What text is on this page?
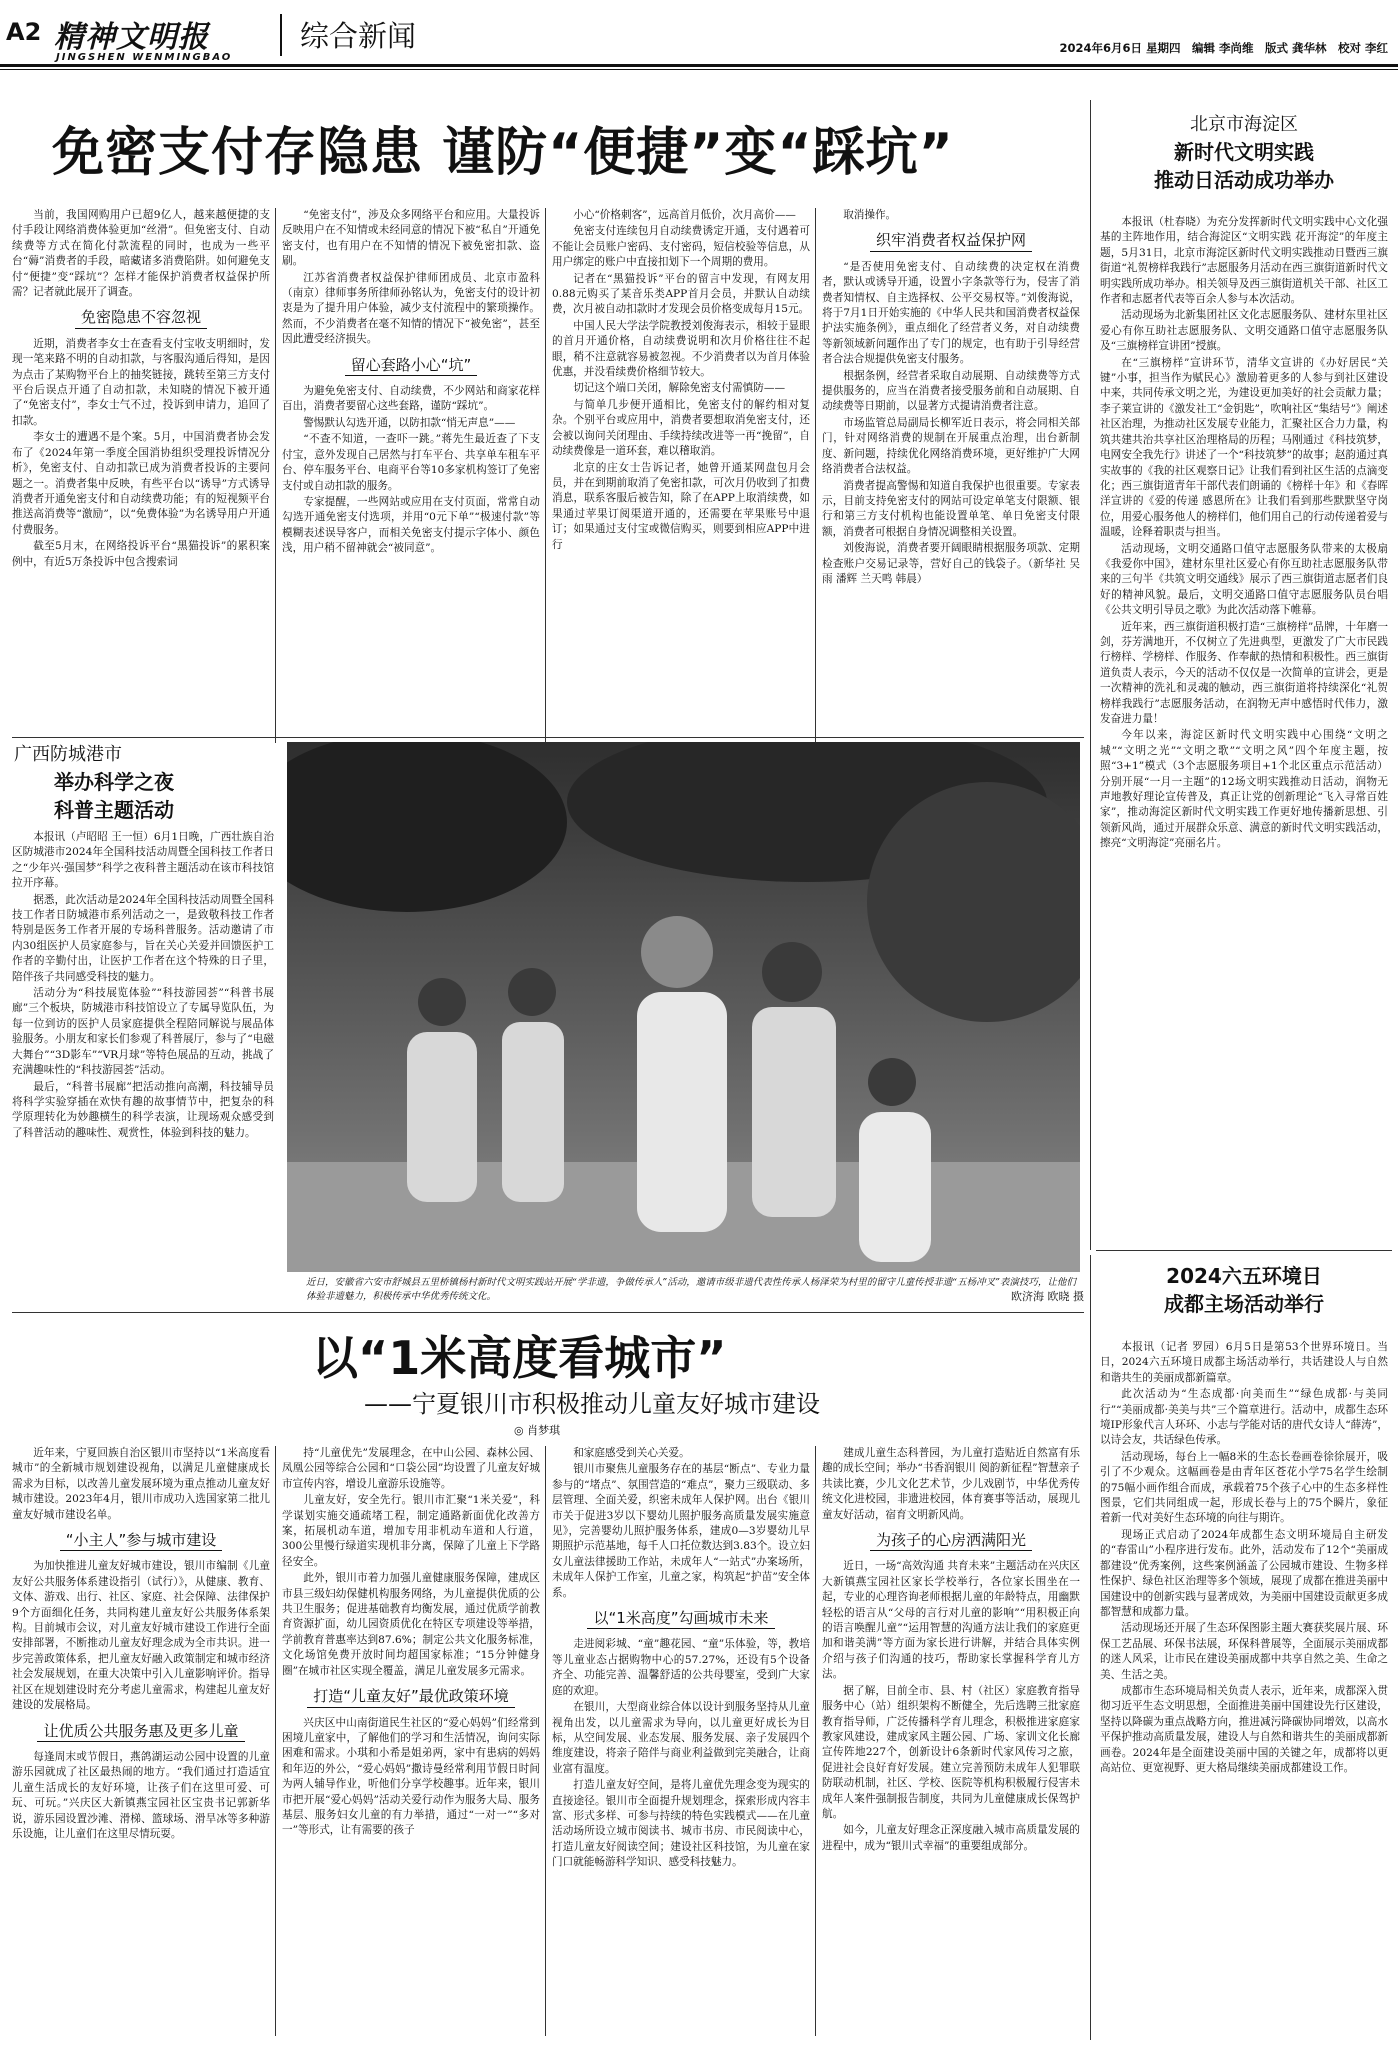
A2 精神文明报
JINGSHEN WENMINGBAO
综合新闻	2024年6月6日 星期四　编辑 李尚维　版式 龚华林　校对 李红
免密支付存隐患 谨防“便捷”变“踩坑”

当前，我国网购用户已超9亿人，越来越便捷的支付手段让网络消费体验更加“丝滑”。但免密支付、自动续费等方式在简化付款流程的同时，也成为一些平台“薅”消费者的手段，暗藏诸多消费陷阱。如何避免支付“便捷”变“踩坑”？怎样才能保护消费者权益保护所需？记者就此展开了调查。

免密隐患不容忽视

近期，消费者李女士在查看支付宝收支明细时，发现一笔来路不明的自动扣款，与客服沟通后得知，是因为点击了某购物平台上的抽奖链接，跳转至第三方支付平台后误点开通了自动扣款，未知晓的情况下被开通了“免密支付”，李女士气不过，投诉到申请力，追回了扣款。

李女士的遭遇不是个案。5月，中国消费者协会发布了《2024年第一季度全国消协组织受理投诉情况分析》，免密支付、自动扣款已成为消费者投诉的主要问题之一。消费者集中反映，有些平台以“诱导”方式诱导消费者开通免密支付和自动续费功能；有的短视频平台推送高消费等“激励”，以“免费体验”为名诱导用户开通付费服务。

截至5月末，在网络投诉平台“黑猫投诉”的累积案例中，有近5万条投诉中包含搜索词

“免密支付”，涉及众多网络平台和应用。大量投诉反映用户在不知情或未经同意的情况下被“私自”开通免密支付，也有用户在不知情的情况下被免密扣款、盗刷。

江苏省消费者权益保护律师团成员、北京市盈科（南京）律师事务所律师孙铭认为，免密支付的设计初衷是为了提升用户体验，减少支付流程中的繁琐操作。然而，不少消费者在毫不知情的情况下“被免密”，甚至因此遭受经济损失。

留心套路小心“坑”

为避免免密支付、自动续费，不少网站和商家花样百出，消费者要留心这些套路，谨防“踩坑”。

警惕默认勾选开通，以防扣款“悄无声息”——

“不查不知道，一查吓一跳。”蒋先生最近查了下支付宝，意外发现自己居然与打车平台、共享单车租车平台、停车服务平台、电商平台等10多家机构签订了免密支付或自动扣款的服务。

专家提醒，一些网站或应用在支付页面，常常自动勾选开通免密支付选项，并用“0元下单”“极速付款”等模糊表述误导客户，而相关免密支付提示字体小、颜色浅，用户稍不留神就会“被同意”。

小心“价格刺客”，远高首月低价，次月高价——

免密支付连续包月自动续费诱定开通，支付遇着可不能让会员账户密码、支付密码，短信校验等信息，从用户绑定的账户中直接扣划下一个周期的费用。

记者在“黑猫投诉”平台的留言中发现，有网友用0.88元购买了某音乐类APP首月会员，并默认自动续费，次月被自动扣款时才发现会员价格变成每月15元。

中国人民大学法学院教授刘俊海表示，相较于显眼的首月开通价格，自动续费说明和次月价格往往不起眼，稍不注意就容易被忽视。不少消费者以为首月体验优惠，并没看续费价格细节较大。

切记这个端口关闭，解除免密支付需慎防——

与简单几步便开通相比，免密支付的解约相对复杂。个别平台或应用中，消费者要想取消免密支付，还会被以询问关闭理由、手续持续改进等一再“挽留”，自动续费像是一道环套，难以稽取消。

北京的庄女士告诉记者，她曾开通某网盘包月会员，并在到期前取消了免密扣款，可次月仍收到了扣费消息，联系客服后被告知，除了在APP上取消续费，如果通过苹果订阅渠道开通的，还需要在苹果账号中退订；如果通过支付宝或微信购买，则要到相应APP中进行

取消操作。

织牢消费者权益保护网

“是否使用免密支付、自动续费的决定权在消费者，默认或诱导开通，设置小字条款等行为，侵害了消费者知情权、自主选择权、公平交易权等。”刘俊海说，将于7月1日开始实施的《中华人民共和国消费者权益保护法实施条例》，重点细化了经营者义务，对自动续费等新领域新问题作出了专门的规定，也有助于引导经营者合法合规提供免密支付服务。

根据条例，经营者采取自动展期、自动续费等方式提供服务的，应当在消费者接受服务前和自动展期、自动续费等日期前，以显著方式提请消费者注意。

市场监管总局副局长柳军近日表示，将会同相关部门，针对网络消费的规制在开展重点治理，出台新制度、新问题，持续优化网络消费环境，更好维护广大网络消费者合法权益。

消费者提高警惕和知道自我保护也很重要。专家表示，目前支持免密支付的网站可设定单笔支付限额、银行和第三方支付机构也能设置单笔、单日免密支付限额，消费者可根据自身情况调整相关设置。

刘俊海说，消费者要开阔眼睛根据服务项款、定期检查账户交易记录等，营好自己的钱袋子。（新华社 吴雨 潘辉 兰天鸣 韩晨）

北京市海淀区
新时代文明实践
推动日活动成功举办

本报讯（杜春晓）为充分发挥新时代文明实践中心文化强基的主阵地作用，结合海淀区“文明实践 花开海淀”的年度主题，5月31日，北京市海淀区新时代文明实践推动日暨西三旗街道“礼贺榜样我践行”志愿服务月活动在西三旗街道新时代文明实践所成功举办。相关领导及西三旗街道机关干部、社区工作者和志愿者代表等百余人参与本次活动。

活动现场为北新集团社区文化志愿服务队、建材东里社区爱心有你互助社志愿服务队、文明交通路口值守志愿服务队及“三旗榜样宣讲团”授旗。

在“三旗榜样”宣讲环节，清华文宣讲的《办好居民“关键”小事，担当作为赋民心》激励着更多的人参与到社区建设中来，共同传承文明之光，为建设更加美好的社会贡献力量；李子莱宣讲的《激发社工“金钥匙”，吹响社区“集结号”》阐述社区治理，为推动社区发展专业能力，汇聚社区合力力量，构筑共建共治共享社区治理格局的历程；马刚通过《科技筑梦，电网安全我先行》讲述了一个“科技筑梦”的故事；赵韵通过真实故事的《我的社区观察日记》让我们看到社区生活的点滴变化；西三旗街道青年干部代表们朗诵的《榜样十年》和《春晖洋宣讲的《爱的传递 感恩所在》让我们看到那些默默坚守岗位，用爱心服务他人的榜样们，他们用自己的行动传递着爱与温暖，诠释着职责与担当。

活动现场，文明交通路口值守志愿服务队带来的太极扇《我爱你中国》，建材东里社区爱心有你互助社志愿服务队带来的三句半《共筑文明交通线》展示了西三旗街道志愿者们良好的精神风貌。最后，文明交通路口值守志愿服务队员台唱《公共文明引导员之歌》为此次活动落下帷幕。

近年来，西三旗街道积极打造“三旗榜样”品牌，十年磨一剑，芬芳满地开，不仅树立了先进典型，更激发了广大市民践行榜样、学榜样、作服务、作奉献的热情和积极性。西三旗街道负责人表示，今天的活动不仅仅是一次简单的宣讲会，更是一次精神的洗礼和灵魂的触动，西三旗街道将持续深化“礼贺榜样我践行”志愿服务活动，在润物无声中感悟时代伟力，激发奋进力量！

今年以来，海淀区新时代文明实践中心围绕“文明之城”“文明之光”“文明之歌”“文明之风”四个年度主题，按照“3+1”模式（3个志愿服务项目+1个北区重点示范活动）分别开展“一月一主题”的12场文明实践推动日活动，润物无声地教好理论宣传普及，真正让党的创新理论“飞入寻常百姓家”，推动海淀区新时代文明实践工作更好地传播新思想、引领新风尚，通过开展群众乐意、满意的新时代文明实践活动，擦亮“文明海淀”亮丽名片。

广西防城港市
举办科学之夜
科普主题活动

本报讯（卢昭昭 王一恒）6月1日晚，广西壮族自治区防城港市2024年全国科技活动周暨全国科技工作者日之“少年兴·强国梦”科学之夜科普主题活动在该市科技馆拉开序幕。

据悉，此次活动是2024年全国科技活动周暨全国科技工作者日防城港市系列活动之一，是致敬科技工作者特别是医务工作者开展的专场科普服务。活动邀请了市内30组医护人员家庭参与，旨在关心关爱并回馈医护工作者的辛勤付出，让医护工作者在这个特殊的日子里，陪伴孩子共同感受科技的魅力。

活动分为“科技展览体验”“科技游园荟”“科普书展廊”三个板块，防城港市科技馆设立了专属导览队伍，为每一位到访的医护人员家庭提供全程陪同解说与展品体验服务。小朋友和家长们参观了科普展厅，参与了“电磁大舞台”“3D影车”“VR月球”等特色展品的互动，挑战了充满趣味性的“科技游园荟”活动。

最后，“科普书展廊”把活动推向高潮，科技辅导员将科学实验穿插在欢快有趣的故事情节中，把复杂的科学原理转化为妙趣横生的科学表演，让现场观众感受到了科普活动的趣味性、观赏性，体验到科技的魅力。

近日，安徽省六安市舒城县五里桥镇杨村新时代文明实践站开展“学非遗，争做传承人”活动，邀请市级非遗代表性传承人杨泽荣为村里的留守儿童传授非遗“五杨冲叉”表演技巧，让他们体验非遗魅力，积极传承中华优秀传统文化。	欧济海 欧晓 摄
2024六五环境日
成都主场活动举行

本报讯（记者 罗园）6月5日是第53个世界环境日。当日，2024六五环境日成都主场活动举行，共话建设人与自然和谐共生的美丽成都新篇章。

此次活动为“生态成都·向美而生”“绿色成都·与美同行”“美丽成都·美美与共”三个篇章进行。活动中，成都生态环境IP形象代言人环环、小志与学能对话的唐代女诗人“薛涛”，以诗会友，共话绿色传承。

活动现场，每台上一幅8米的生态长卷画卷徐徐展开，吸引了不少观众。这幅画卷是由青年区苍花小学75名学生绘制的75幅小画作组合而成，承载着75个孩子心中的生态多样性图景，它们共同组成一起，形成长卷与上的75个瞬片，象征着新一代对美好生态环境的向往与期许。

现场正式启动了2024年成都生态文明环境局自主研发的“春雷山”小程序进行发布。此外，活动发布了12个“美丽成都建设”优秀案例，这些案例涵盖了公园城市建设、生物多样性保护、绿色社区治理等多个领域，展现了成都在推进美丽中国建设中的创新实践与显著成效，为美丽中国建设贡献更多成都智慧和成都力量。

活动现场还开展了生态环保图影主题大赛获奖展片展、环保工艺品展、环保书法展，环保科普展等，全面展示美丽成都的迷人风采，让市民在建设美丽成都中共享自然之美、生命之美、生活之美。

成都市生态环境局相关负责人表示，近年来，成都深入贯彻习近平生态文明思想，全面推进美丽中国建设先行区建设，坚持以降碳为重点战略方向，推进减污降碳协同增效，以高水平保护推动高质量发展，建设人与自然和谐共生的美丽成都新画卷。2024年是全面建设美丽中国的关键之年，成都将以更高站位、更宽视野、更大格局继续美丽成都建设工作。

以“1米高度看城市”
——宁夏银川市积极推动儿童友好城市建设
◎ 肖梦琪

近年来，宁夏回族自治区银川市坚持以“1米高度看城市”的全新城市规划建设视角，以满足儿童健康成长需求为目标，以改善儿童发展环境为重点推动儿童友好城市建设。2023年4月，银川市成功入选国家第二批儿童友好城市建设名单。

“小主人”参与城市建设

为加快推进儿童友好城市建设，银川市编制《儿童友好公共服务体系建设指引（试行）》，从健康、教育、文体、游戏、出行、社区、家庭、社会保障、法律保护9个方面细化任务，共同构建儿童友好公共服务体系架构。目前城市会议，对儿童友好城市建设工作进行全面安排部署，不断推动儿童友好理念成为全市共识。进一步完善政策体系，把儿童友好融入政策制定和城市经济社会发展规划，在重大决策中引入儿童影响评价。指导社区在规划建设时充分考虑儿童需求，构建起儿童友好建设的发展格局。

让优质公共服务惠及更多儿童

每逢周末或节假日，燕鸽湖运动公园中设置的儿童游乐园就成了社区最热闹的地方。“我们通过打造适宜儿童生活成长的友好环境，让孩子们在这里可爱、可玩、可玩。”兴庆区大新镇燕宝园社区宝贵书记郭新华说，游乐园设置沙滩、滑梯、篮球场、滑旱冰等多种游乐设施，让儿童们在这里尽情玩耍。

持“儿童优先”发展理念，在中山公园、森林公园、凤凰公园等综合公园和“口袋公园”均设置了儿童友好城市宣传内容，增设儿童游乐设施等。

儿童友好，安全先行。银川市汇聚“1米关爱”，科学谋划实施交通疏堵工程，制定通路新面优化改善方案，拓展机动车道，增加专用非机动车道和人行道，300公里慢行绿道实现机非分离，保障了儿童上下学路径安全。

此外，银川市着力加强儿童健康服务保障，建成区市县三级妇幼保健机构服务网络，为儿童提供优质的公共卫生服务；促进基础教育均衡发展，通过优质学前教育资源扩面，幼儿园资质优化在特区专项建设等举措，学前教育普惠率达到87.6%；制定公共文化服务标准，文化场馆免费开放时间均超国家标准；“15分钟健身圈”在城市社区实现全覆盖，满足儿童发展多元需求。

打造“儿童友好”最优政策环境

兴庆区中山南街道民生社区的“爱心妈妈”们经常到困境儿童家中，了解他们的学习和生活情况，询问实际困难和需求。小琪和小希是姐弟两，家中有患病的妈妈和年迈的外公，“爱心妈妈”撒诗曼经常利用节假日时间为两人辅导作业，听他们分享学校趣事。近年来，银川市把开展“爱心妈妈”活动关爱行动作为服务大局、服务基层、服务妇女儿童的有力举措，通过“一对一”“多对一”等形式，让有需要的孩子

和家庭感受到关心关爱。

银川市聚焦儿童服务存在的基层“断点”、专业力量参与的“堵点”、氛围营造的“难点”，聚力三级联动、多层管理、全面关爱，织密未成年人保护网。出台《银川市关于促进3岁以下婴幼儿照护服务高质量发展实施意见》，完善婴幼儿照护服务体系，建成0—3岁婴幼儿早期照护示范基地，每千人口托位数达到3.83个。设立妇女儿童法律援助工作站，未成年人“一站式”办案场所，未成年人保护工作室，儿童之家，构筑起“护苗”安全体系。

以“1米高度”勾画城市未来

走进阅彩城、“童”趣花园、“童”乐体验，等，教培等儿童业态占据购物中心的57.27%，还设有5个设备齐全、功能完善、温馨舒适的公共母婴室，受到广大家庭的欢迎。

在银川，大型商业综合体以设计到服务坚持从儿童视角出发，以儿童需求为导向，以儿童更好成长为目标，从空间发展、业态发展、服务发展、亲子发展四个维度建设，将亲子陪伴与商业利益做到完美融合，让商业富有温度。

打造儿童友好空间，是将儿童优先理念变为现实的直接途径。银川市全面提升规划理念，探索形成内容丰富、形式多样、可参与持续的特色实践模式——在儿童活动场所设立城市阅读书、城市书房、市民阅读中心，打造儿童友好阅读空间；建设社区科技馆，为儿童在家门口就能畅游科学知识、感受科技魅力。

建成儿童生态科普园，为儿童打造贴近自然富有乐趣的成长空间；举办“书香润银川 阅韵新征程”智慧亲子共读比赛，少儿文化艺术节，少儿戏剧节，中华优秀传统文化进校园，非遗进校园，体育赛事等活动，展现儿童友好活动，宿育文明新风尚。

为孩子的心房洒满阳光

近日，一场“高效沟通 共育未来”主题活动在兴庆区大新镇燕宝园社区家长学校举行，各位家长围坐在一起，专业的心理咨询老师根据儿童的年龄特点，用幽默轻松的语言从“父母的言行对儿童的影响”“用积极正向的语言唤醒儿童”“运用智慧的沟通方法让我们的家庭更加和谐美满”等方面为家长进行讲解，并结合具体实例介绍与孩子们沟通的技巧，帮助家长掌握科学育儿方法。

据了解，目前全市、县、村（社区）家庭教育指导服务中心（站）组织架构不断健全，先后选聘三批家庭教育指导师，广泛传播科学育儿理念，积极推进家庭家教家风建设，建成家风主题公园、广场、家训文化长廊宣传阵地227个，创新设计6条新时代家风传习之旅，促进社会良好育好发展。建立完善预防未成年人犯罪联防联动机制，社区、学校、医院等机构积极履行侵害未成年人案件强制报告制度，共同为儿童健康成长保驾护航。

如今，儿童友好理念正深度融入城市高质量发展的进程中，成为“银川式幸福”的重要组成部分。
